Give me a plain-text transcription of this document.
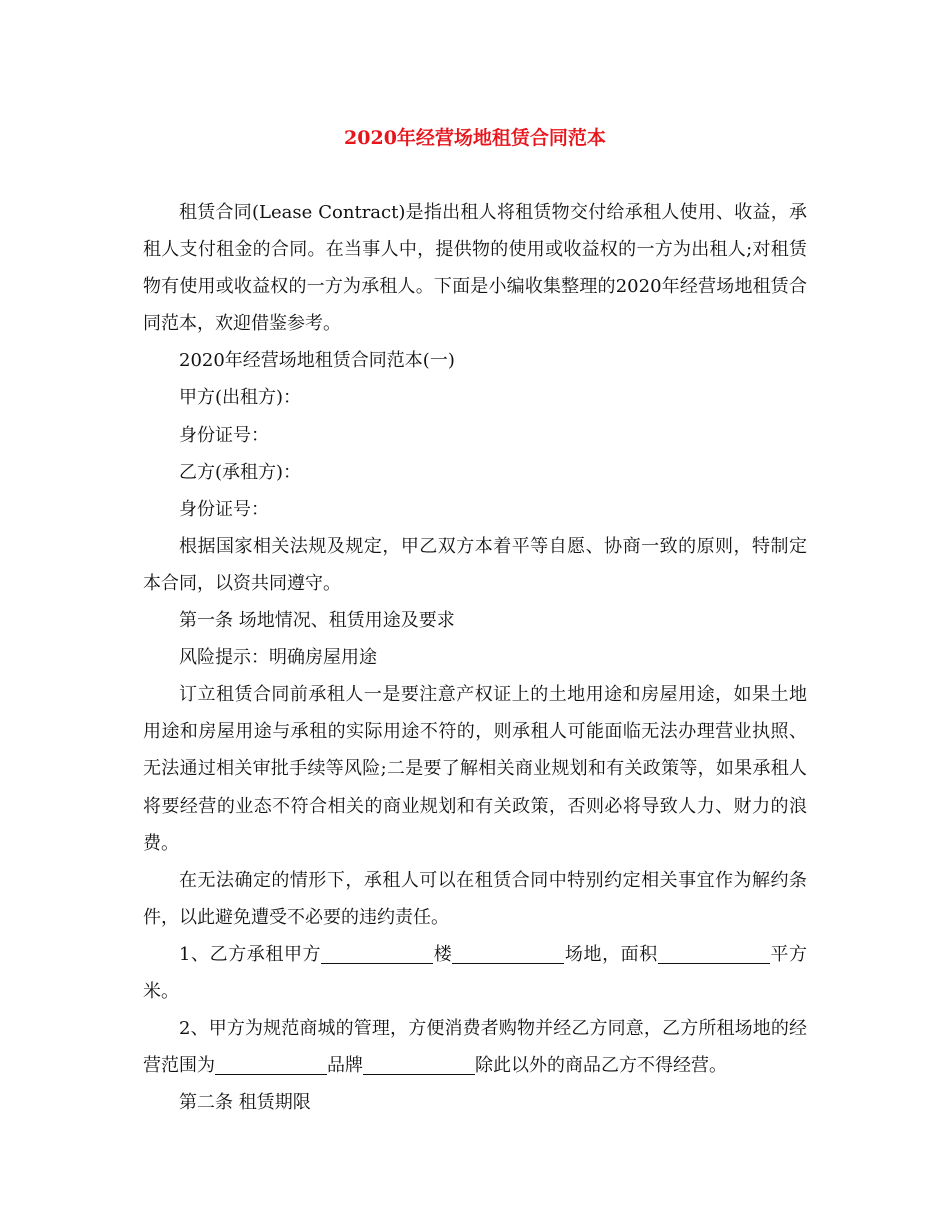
2020年经营场地租赁合同范本

租赁合同(Lease Contract)是指出租人将租赁物交付给承租人使用、收益，承租人支付租金的合同。在当事人中，提供物的使用或收益权的一方为出租人;对租赁物有使用或收益权的一方为承租人。下面是小编收集整理的2020年经营场地租赁合同范本，欢迎借鉴参考。

2020年经营场地租赁合同范本(一)

甲方(出租方)：

身份证号：

乙方(承租方)：

身份证号：

根据国家相关法规及规定，甲乙双方本着平等自愿、协商一致的原则，特制定本合同，以资共同遵守。

第一条 场地情况、租赁用途及要求

风险提示：明确房屋用途

订立租赁合同前承租人一是要注意产权证上的土地用途和房屋用途，如果土地用途和房屋用途与承租的实际用途不符的，则承租人可能面临无法办理营业执照、无法通过相关审批手续等风险;二是要了解相关商业规划和有关政策等，如果承租人将要经营的业态不符合相关的商业规划和有关政策，否则必将导致人力、财力的浪费。

在无法确定的情形下，承租人可以在租赁合同中特别约定相关事宜作为解约条件，以此避免遭受不必要的违约责任。

1、乙方承租甲方	楼	场地，面积	平方米。

2、甲方为规范商城的管理，方便消费者购物并经乙方同意，乙方所租场地的经营范围为	品牌	除此以外的商品乙方不得经营。

第二条 租赁期限
